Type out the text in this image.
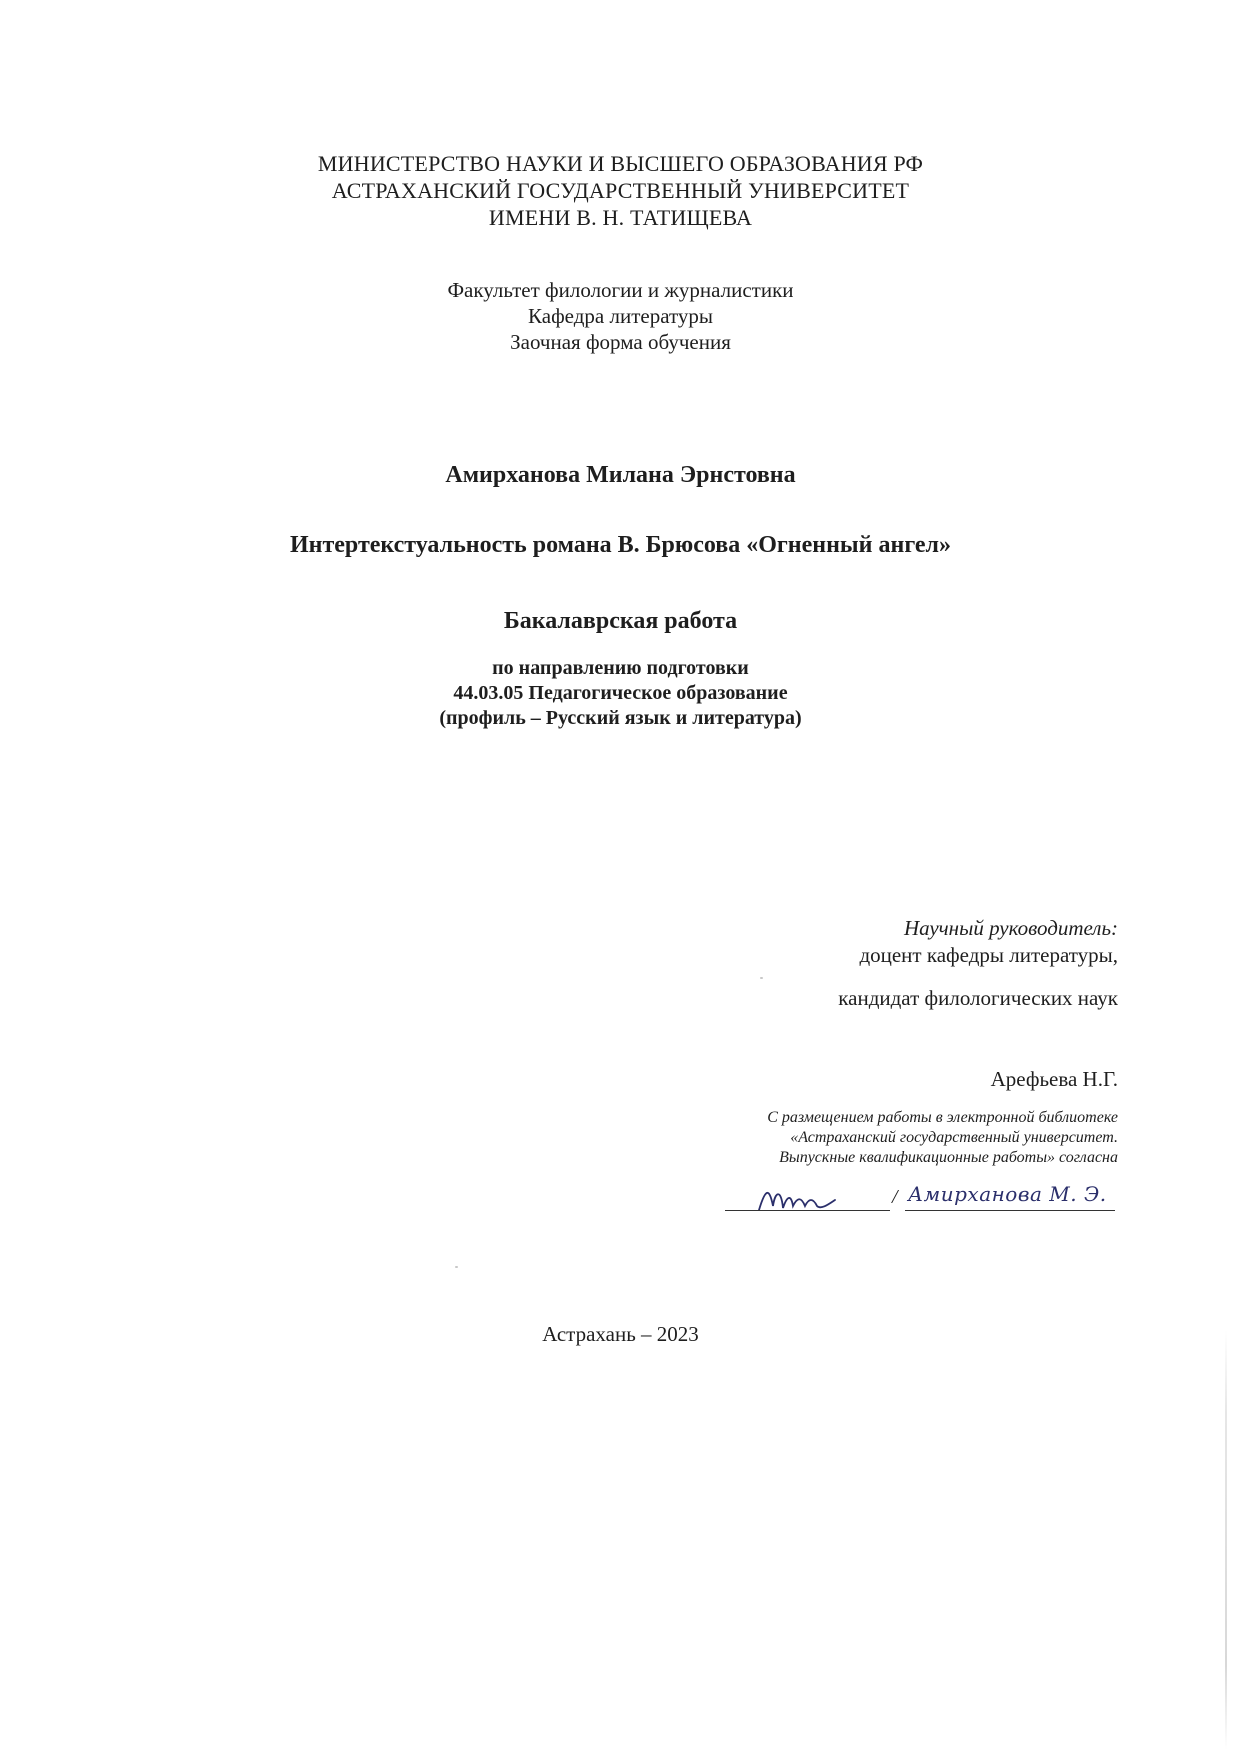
МИНИСТЕРСТВО НАУКИ И ВЫСШЕГО ОБРАЗОВАНИЯ РФ
АСТРАХАНСКИЙ ГОСУДАРСТВЕННЫЙ УНИВЕРСИТЕТ
ИМЕНИ В. Н. ТАТИЩЕВА
Факультет филологии и журналистики
Кафедра литературы
Заочная форма обучения
Амирханова Милана Эрнстовна
Интертекстуальность романа В. Брюсова «Огненный ангел»
Бакалаврская работа
по направлению подготовки
44.03.05 Педагогическое образование
(профиль – Русский язык и литература)
Научный руководитель:
доцент кафедры литературы,
кандидат филологических наук
Арефьева Н.Г.
С размещением работы в электронной библиотеке
«Астраханский государственный университет.
Выпускные квалификационные работы» согласна
/ Амирханова М. Э.
Астрахань – 2023
